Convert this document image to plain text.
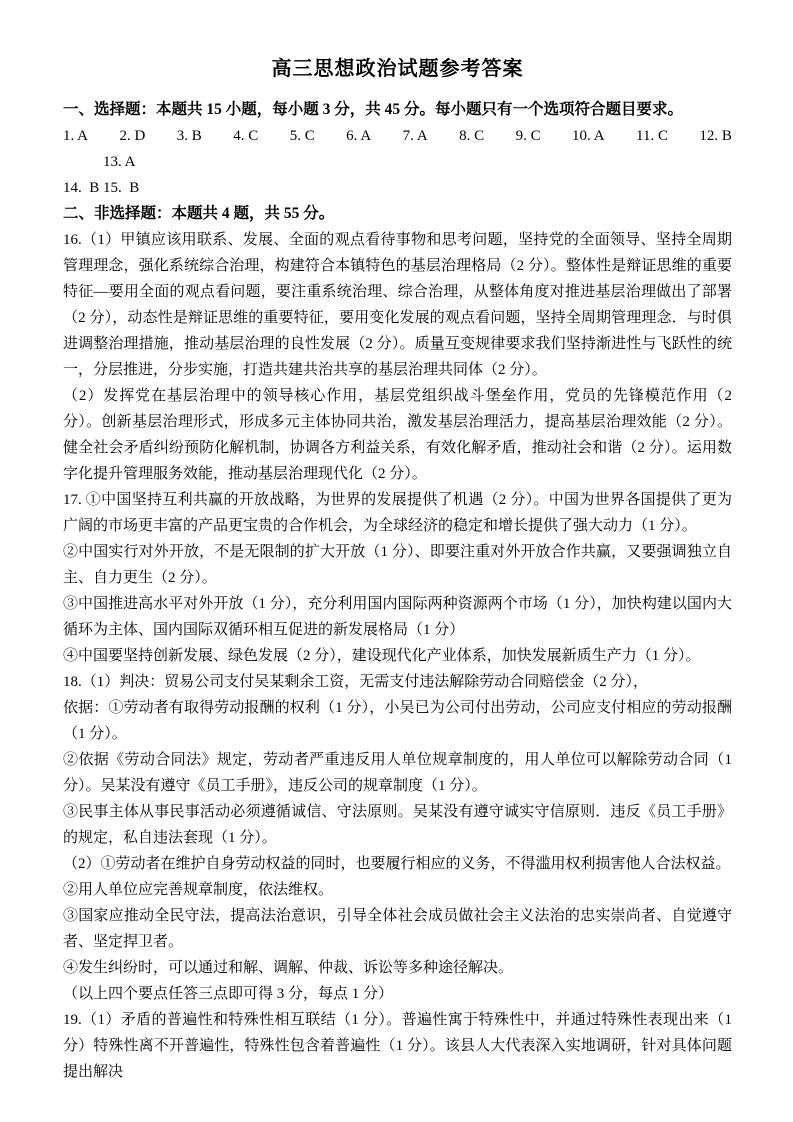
高三思想政治试题参考答案

一、选择题：本题共 15 小题，每小题 3 分，共 45 分。每小题只有一个选项符合题目要求。

1. A 2. D 3. B 4. C 5. C 6. A 7. A 8. C 9. C 10. A 11. C 12. B

13. A

14.  B 15.  B

二、非选择题：本题共 4 题，共 55 分。

16.（1）甲镇应该用联系、发展、全面的观点看待事物和思考问题，坚持党的全面领导、坚持全周期管理理念，强化系统综合治理，构建符合本镇特色的基层治理格局（2 分）。整体性是辩证思维的重要特征—要用全面的观点看问题，要注重系统治理、综合治理，从整体角度对推进基层治理做出了部署（2 分），动态性是辩证思维的重要特征，要用变化发展的观点看问题，坚持全周期管理理念．与时俱进调整治理措施，推动基层治理的良性发展（2 分）。质量互变规律要求我们坚持渐进性与飞跃性的统一，分层推进，分步实施，打造共建共治共享的基层治理共同体（2 分）。

（2）发挥党在基层治理中的领导核心作用，基层党组织战斗堡垒作用，党员的先锋模范作用（2 分）。创新基层治理形式，形成多元主体协同共治，激发基层治理活力，提高基层治理效能（2 分）。健全社会矛盾纠纷预防化解机制，协调各方利益关系，有效化解矛盾，推动社会和谐（2 分）。运用数字化提升管理服务效能，推动基层治理现代化（2 分）。

17. ①中国坚持互利共赢的开放战略，为世界的发展提供了机遇（2 分）。中国为世界各国提供了更为广阔的市场更丰富的产品更宝贵的合作机会，为全球经济的稳定和增长提供了强大动力（1 分）。

②中国实行对外开放，不是无限制的扩大开放（1 分）、即要注重对外开放合作共赢，又要强调独立自主、自力更生（2 分）。

③中国推进高水平对外开放（1 分），充分利用国内国际两种资源两个市场（1 分），加快构建以国内大循环为主体、国内国际双循环相互促进的新发展格局（1 分）

④中国要坚持创新发展、绿色发展（2 分），建设现代化产业体系，加快发展新质生产力（1 分）。

18.（1）判决：贸易公司支付吴某剩余工资，无需支付违法解除劳动合同赔偿金（2 分），

依据：①劳动者有取得劳动报酬的权利（1 分），小吴已为公司付出劳动，公司应支付相应的劳动报酬（1 分）。

②依据《劳动合同法》规定，劳动者严重违反用人单位规章制度的，用人单位可以解除劳动合同（1 分）。吴某没有遵守《员工手册》，违反公司的规章制度（1 分）。

③民事主体从事民事活动必须遵循诚信、守法原则。吴某没有遵守诚实守信原则．违反《员工手册》的规定，私自违法套现（1 分）。

（2）①劳动者在维护自身劳动权益的同时，也要履行相应的义务，不得滥用权利损害他人合法权益。

②用人单位应完善规章制度，依法维权。

③国家应推动全民守法，提高法治意识，引导全体社会成员做社会主义法治的忠实崇尚者、自觉遵守者、坚定捍卫者。

④发生纠纷时，可以通过和解、调解、仲裁、诉讼等多种途径解决。

（以上四个要点任答三点即可得 3 分，每点 1 分）

19.（1）矛盾的普遍性和特殊性相互联结（1 分）。普遍性寓于特殊性中，并通过特殊性表现出来（1 分）特殊性离不开普遍性，特殊性包含着普遍性（1 分）。该县人大代表深入实地调研，针对具体问题提出解决
